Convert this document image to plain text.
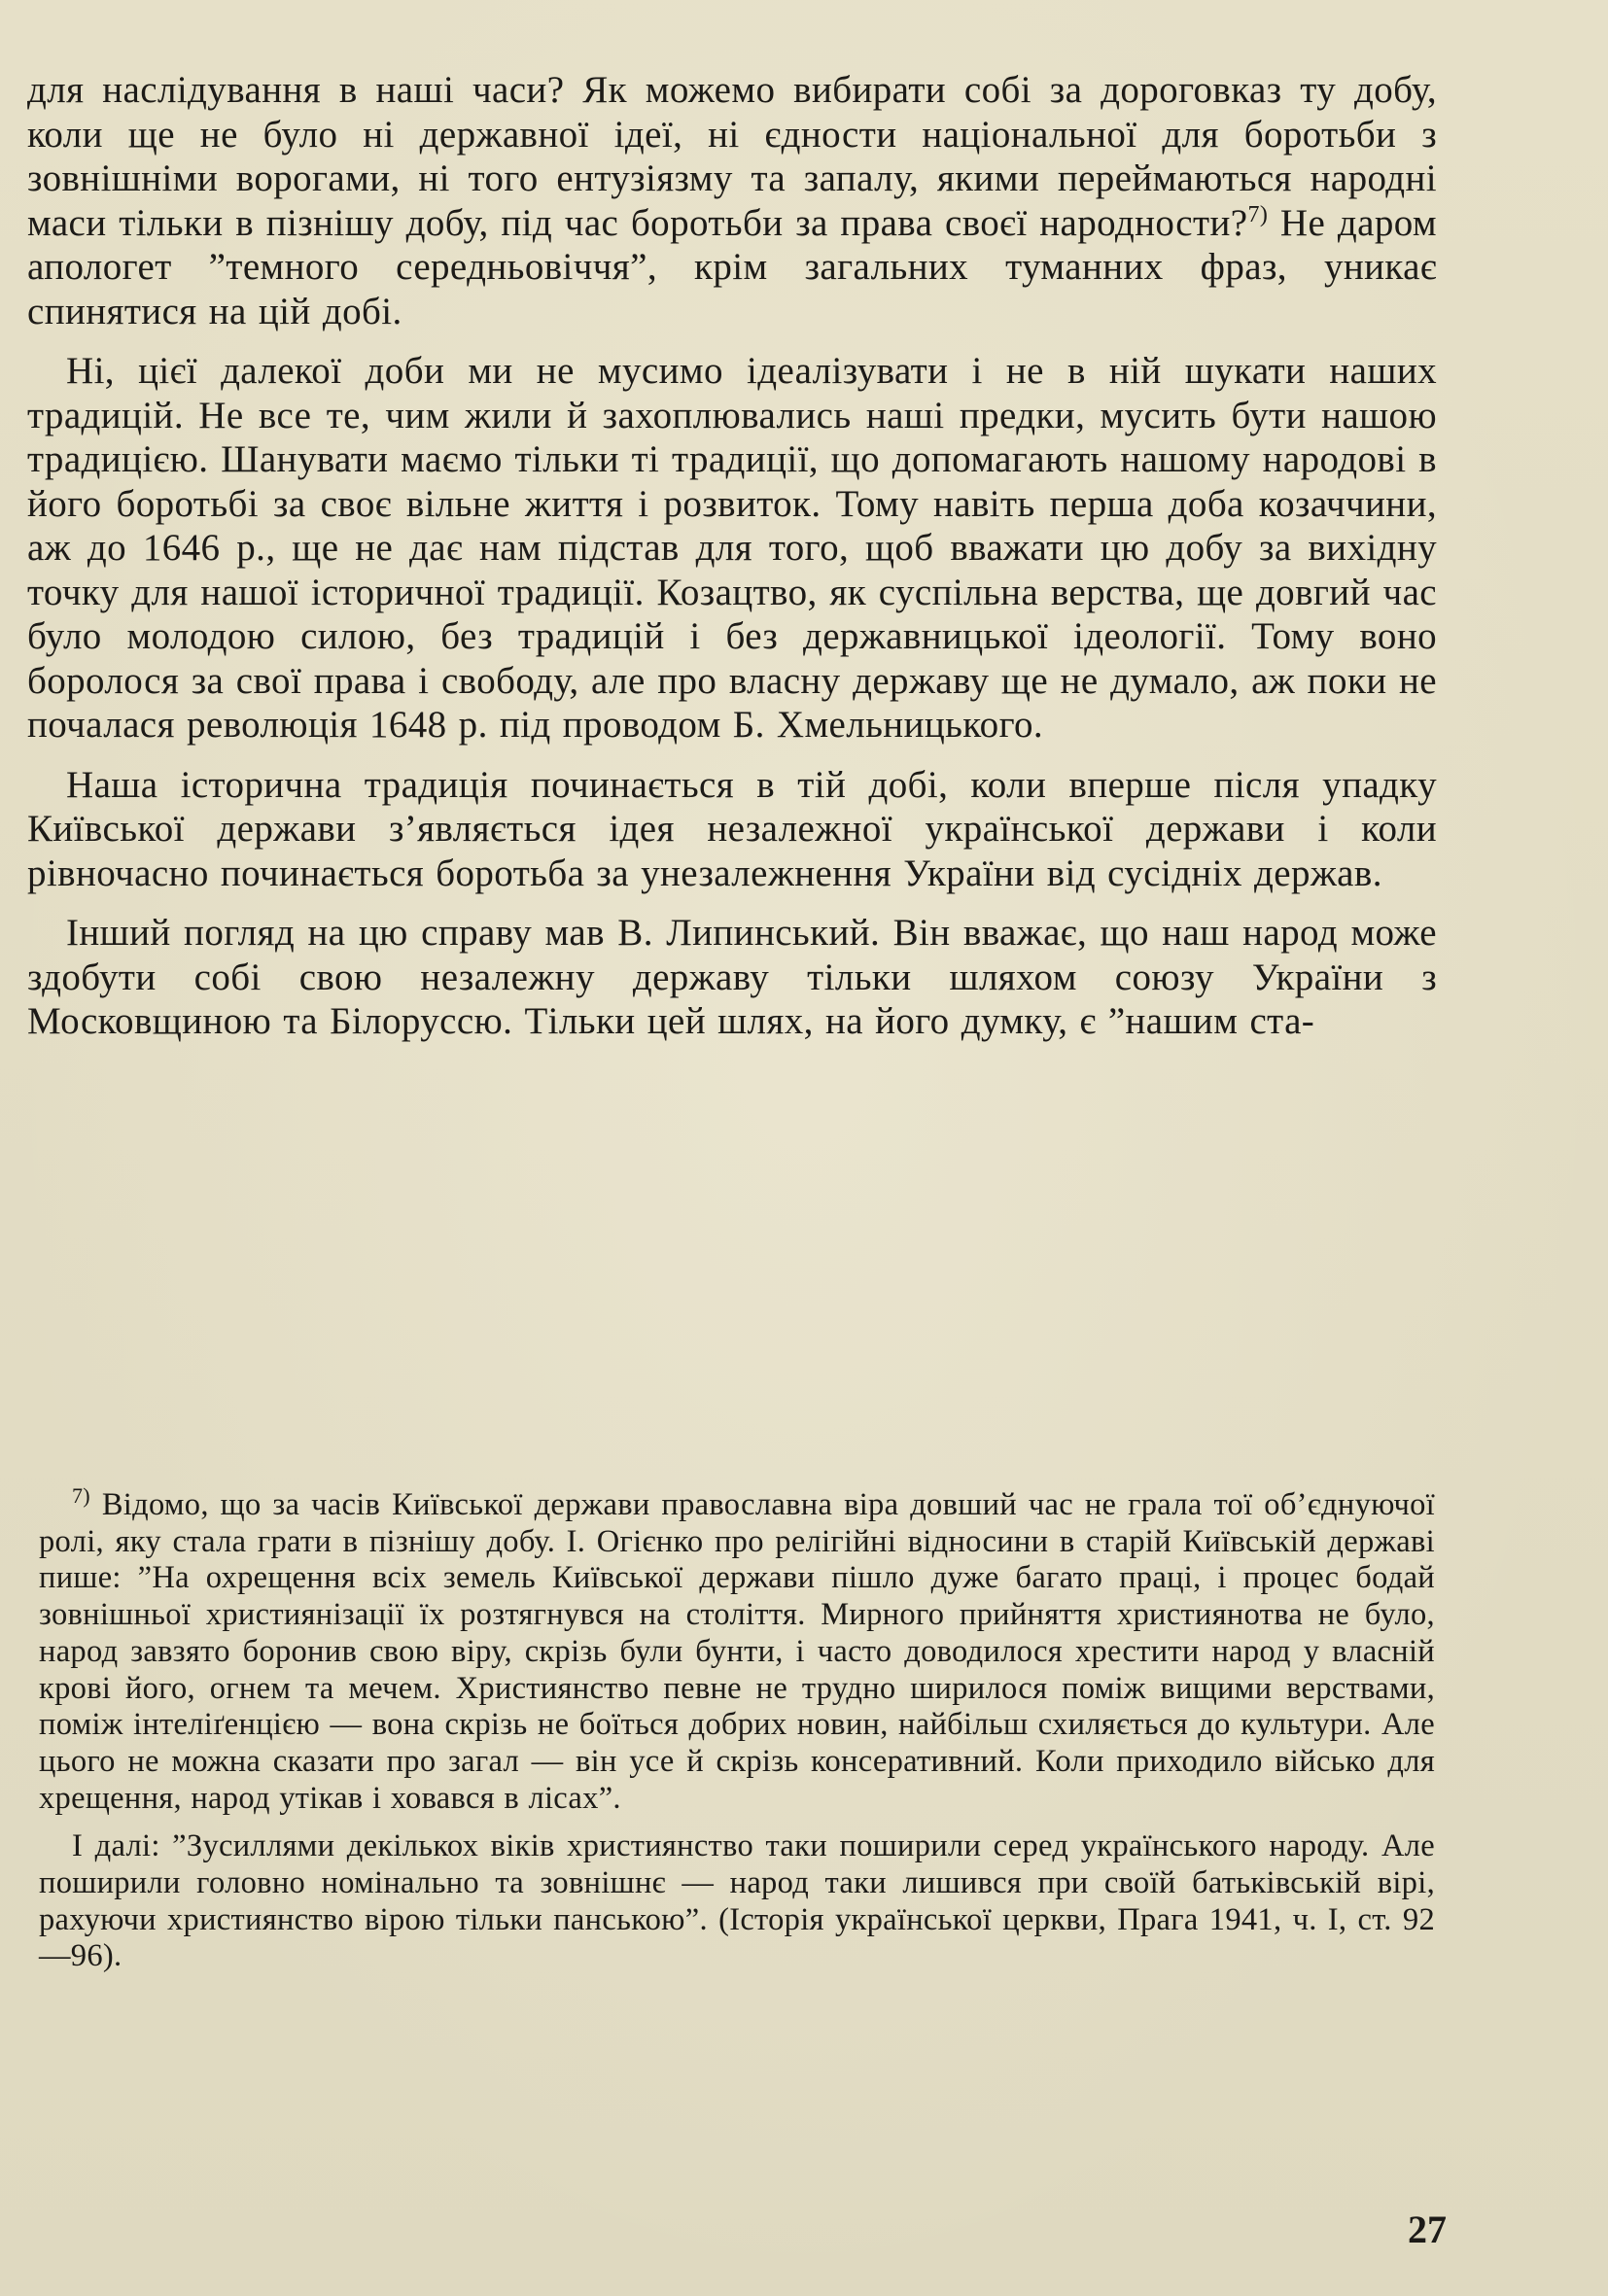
для наслідування в наші часи? Як можемо вибирати собі за дороговказ ту добу, коли ще не було ні державної ідеї, ні єдности національної для боротьби з зовнішніми ворогами, ні того ентузіязму та запалу, якими переймаються народні маси тільки в пізнішу добу, під час боротьби за права своєї народности?$^{7)}$ Не даром апологет ”темного середньовіччя”, крім загальних туманних фраз, уникає спинятися на цій добі.

Ні, цієї далекої доби ми не мусимо ідеалізувати і не в ній шукати наших традицій. Не все те, чим жили й захоплювались наші предки, мусить бути нашою традицією. Шанувати маємо тільки ті традиції, що допомагають нашому народові в його боротьбі за своє вільне життя і розвиток. Тому навіть перша доба козаччини, аж до 1646 р., ще не дає нам підстав для того, щоб вважати цю добу за вихідну точку для нашої історичної традиції. Козацтво, як суспільна верства, ще довгий час було молодою силою, без традицій і без державницької ідеології. Тому воно боролося за свої права і свободу, але про власну державу ще не думало, аж поки не почалася революція 1648 р. під проводом Б. Хмельницького.

Наша історична традиція починається в тій добі, коли вперше після упадку Київської держави з’являється ідея незалежної української держави і коли рівночасно починається боротьба за унезалежнення України від сусідніх держав.

Інший погляд на цю справу мав В. Липинський. Він вважає, що наш народ може здобути собі свою незалежну державу тільки шляхом союзу України з Московщиною та Білоруссю. Тільки цей шлях, на його думку, є ”нашим ста-

$^{7)}$ Відомо, що за часів Київської держави православна віра довший час не грала тої об’єднуючої ролі, яку стала грати в пізнішу добу. І. Огієнко про релігійні відносини в старій Київській державі пише: ”На охрещення всіх земель Київської держави пішло дуже багато праці, і процес бодай зовнішньої християнізації їх розтягнувся на століття. Мирного прийняття християнотва не було, народ завзято боронив свою віру, скрізь були бунти, і часто доводилося хрестити народ у власній крові його, огнем та мечем. Християнство певне не трудно ширилося поміж вищими верствами, поміж інтеліґенцією — вона скрізь не боїться добрих новин, найбільш схиляється до культури. Але цього не можна сказати про загал — він усе й скрізь консеративний. Коли приходило військо для хрещення, народ утікав і ховався в лісах”.

І далі: ”Зусиллями декількох віків християнство таки поширили серед українського народу. Але поширили головно номінально та зовнішнє — народ таки лишився при своїй батьківській вірі, рахуючи християнство вірою тільки панською”. (Історія української церкви, Прага 1941, ч. І, ст. 92—96).

27
